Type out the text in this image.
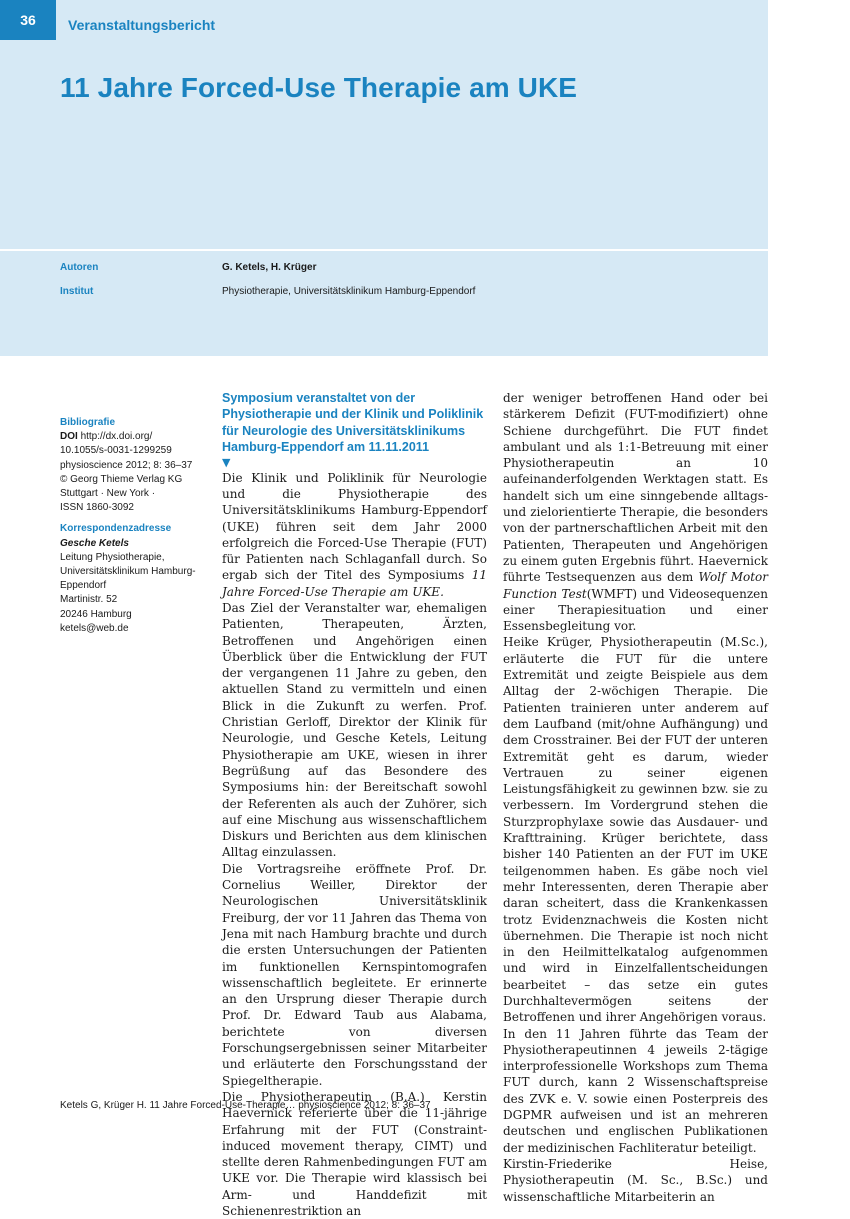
36	Veranstaltungsbericht
11 Jahre Forced-Use Therapie am UKE
Autoren	G. Ketels, H. Krüger
Institut	Physiotherapie, Universitätsklinikum Hamburg-Eppendorf
Bibliografie
DOI http://dx.doi.org/
10.1055/s-0031-1299259
physioscience 2012; 8: 36–37
© Georg Thieme Verlag KG
Stuttgart · New York ·
ISSN 1860-3092
Korrespondenzadresse
Gesche Ketels
Leitung Physiotherapie,
Universitätsklinikum Hamburg-
Eppendorf
Martinistr. 52
20246 Hamburg
ketels@web.de

Symposium veranstaltet von der Physiotherapie und der Klinik und Poliklinik für Neurologie des Universitätsklinikums Hamburg-Eppendorf am 11.11.2011

▼

Die Klinik und Poliklinik für Neurologie und die Physiotherapie des Universitätsklinikums Hamburg-Eppendorf (UKE) führen seit dem Jahr 2000 erfolgreich die Forced-Use Therapie (FUT) für Patienten nach Schlaganfall durch. So ergab sich der Titel des Symposiums 11 Jahre Forced-Use Therapie am UKE.

Das Ziel der Veranstalter war, ehemaligen Patienten, Therapeuten, Ärzten, Betroffenen und Angehörigen einen Überblick über die Entwicklung der FUT der vergangenen 11 Jahre zu geben, den aktuellen Stand zu vermitteln und einen Blick in die Zukunft zu werfen. Prof. Christian Gerloff, Direktor der Klinik für Neurologie, und Gesche Ketels, Leitung Physiotherapie am UKE, wiesen in ihrer Begrüßung auf das Besondere des Symposiums hin: der Bereitschaft sowohl der Referenten als auch der Zuhörer, sich auf eine Mischung aus wissenschaftlichem Diskurs und Berichten aus dem klinischen Alltag einzulassen.

Die Vortragsreihe eröffnete Prof. Dr. Cornelius Weiller, Direktor der Neurologischen Universitätsklinik Freiburg, der vor 11 Jahren das Thema von Jena mit nach Hamburg brachte und durch die ersten Untersuchungen der Patienten im funktionellen Kernspintomografen wissenschaftlich begleitete. Er erinnerte an den Ursprung dieser Therapie durch Prof. Dr. Edward Taub aus Alabama, berichtete von diversen Forschungsergebnissen seiner Mitarbeiter und erläuterte den Forschungsstand der Spiegeltherapie.

Die Physiotherapeutin (B.A.) Kerstin Haevernick referierte über die 11-jährige Erfahrung mit der FUT (Constraint-induced movement therapy, CIMT) und stellte deren Rahmenbedingungen FUT am UKE vor. Die Therapie wird klassisch bei Arm- und Handdefizit mit Schienenrestriktion an

der weniger betroffenen Hand oder bei stärkerem Defizit (FUT-modifiziert) ohne Schiene durchgeführt. Die FUT findet ambulant und als 1:1-Betreuung mit einer Physiotherapeutin an 10 aufeinanderfolgenden Werktagen statt. Es handelt sich um eine sinngebende alltags- und zielorientierte Therapie, die besonders von der partnerschaftlichen Arbeit mit den Patienten, Therapeuten und Angehörigen zu einem guten Ergebnis führt. Haevernick führte Testsequenzen aus dem Wolf Motor Function Test(WMFT) und Videosequenzen einer Therapiesituation und einer Essensbegleitung vor.

Heike Krüger, Physiotherapeutin (M.Sc.), erläuterte die FUT für die untere Extremität und zeigte Beispiele aus dem Alltag der 2-wöchigen Therapie. Die Patienten trainieren unter anderem auf dem Laufband (mit/ohne Aufhängung) und dem Crosstrainer. Bei der FUT der unteren Extremität geht es darum, wieder Vertrauen zu seiner eigenen Leistungsfähigkeit zu gewinnen bzw. sie zu verbessern. Im Vordergrund stehen die Sturzprophylaxe sowie das Ausdauer- und Krafttraining. Krüger berichtete, dass bisher 140 Patienten an der FUT im UKE teilgenommen haben. Es gäbe noch viel mehr Interessenten, deren Therapie aber daran scheitert, dass die Krankenkassen trotz Evidenznachweis die Kosten nicht übernehmen. Die Therapie ist noch nicht in den Heilmittelkatalog aufgenommen und wird in Einzelfallentscheidungen bearbeitet – das setze ein gutes Durchhaltevermögen seitens der Betroffenen und ihrer Angehörigen voraus.

In den 11 Jahren führte das Team der Physiotherapeutinnen 4 jeweils 2-tägige interprofessionelle Workshops zum Thema FUT durch, kann 2 Wissenschaftspreise des ZVK e. V. sowie einen Posterpreis des DGPMR aufweisen und ist an mehreren deutschen und englischen Publikationen der medizinischen Fachliteratur beteiligt.

Kirstin-Friederike Heise, Physiotherapeutin (M. Sc., B.Sc.) und wissenschaftliche Mitarbeiterin an

Ketels G, Krüger H. 11 Jahre Forced-Use-Therapie… physioscience 2012; 8: 36–37
